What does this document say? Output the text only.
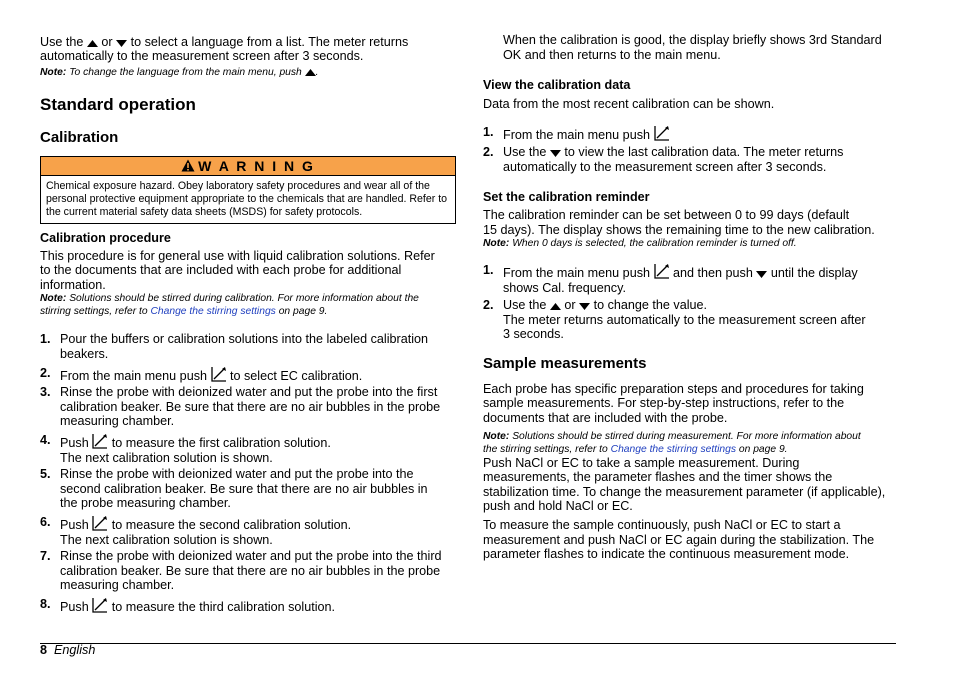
Use the or to select a language from a list. The meter returns
automatically to the measurement screen after 3 seconds.
Note: To change the language from the main menu, push .
Standard operation
Calibration
W A R N I N G
Chemical exposure hazard. Obey laboratory safety procedures and wear all of the personal protective equipment appropriate to the chemicals that are handled. Refer to the current material safety data sheets (MSDS) for safety protocols.
Calibration procedure
This procedure is for general use with liquid calibration solutions. Refer
to the documents that are included with each probe for additional
information.
Note: Solutions should be stirred during calibration. For more information about the
stirring settings, refer to Change the stirring settings on page 9.
1. Pour the buffers or calibration solutions into the labeled calibration
beakers.
2. From the main menu push to select EC calibration.
3. Rinse the probe with deionized water and put the probe into the first
calibration beaker. Be sure that there are no air bubbles in the probe
measuring chamber.
4. Push to measure the first calibration solution.
The next calibration solution is shown.
5. Rinse the probe with deionized water and put the probe into the
second calibration beaker. Be sure that there are no air bubbles in
the probe measuring chamber.
6. Push to measure the second calibration solution.
The next calibration solution is shown.
7. Rinse the probe with deionized water and put the probe into the third
calibration beaker. Be sure that there are no air bubbles in the probe
measuring chamber.
8. Push to measure the third calibration solution.
When the calibration is good, the display briefly shows 3rd Standard
OK and then returns to the main menu.
View the calibration data
Data from the most recent calibration can be shown.
1. From the main menu push
2. Use the to view the last calibration data. The meter returns
automatically to the measurement screen after 3 seconds.
Set the calibration reminder
The calibration reminder can be set between 0 to 99 days (default
15 days). The display shows the remaining time to the new calibration.
Note: When 0 days is selected, the calibration reminder is turned off.
1. From the main menu push and then push until the display
shows Cal. frequency.
2. Use the or to change the value.
The meter returns automatically to the measurement screen after
3 seconds.
Sample measurements
Each probe has specific preparation steps and procedures for taking
sample measurements. For step-by-step instructions, refer to the
documents that are included with the probe.
Note: Solutions should be stirred during measurement. For more information about
the stirring settings, refer to Change the stirring settings on page 9.
Push NaCl or EC to take a sample measurement. During
measurements, the parameter flashes and the timer shows the
stabilization time. To change the measurement parameter (if applicable),
push and hold NaCl or EC.
To measure the sample continuously, push NaCl or EC to start a
measurement and push NaCl or EC again during the stabilization. The
parameter flashes to indicate the continuous measurement mode.
8 English
